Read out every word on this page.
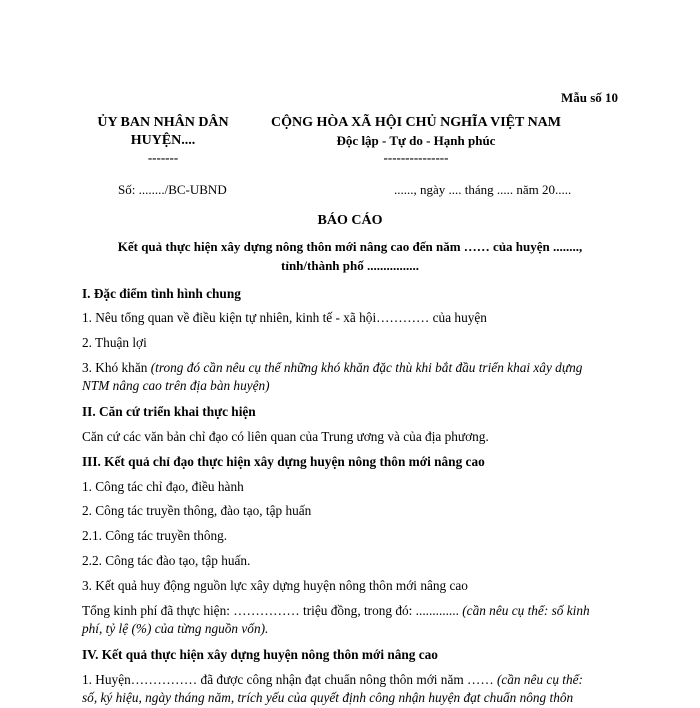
Mẫu số 10
ỦY BAN NHÂN DÂN
HUYỆN....
-------
Số: ......../BC-UBND
CỘNG HÒA XÃ HỘI CHỦ NGHĨA VIỆT NAM
Độc lập - Tự do - Hạnh phúc
---------------
......, ngày .... tháng ..... năm 20.....
BÁO CÁO
Kết quả thực hiện xây dựng nông thôn mới nâng cao đến năm …… của huyện ........,
tỉnh/thành phố ................
I. Đặc điểm tình hình chung
1. Nêu tổng quan về điều kiện tự nhiên, kinh tế - xã hội………… của huyện
2. Thuận lợi
3. Khó khăn (trong đó cần nêu cụ thể những khó khăn đặc thù khi bắt đầu triển khai xây dựng
NTM nâng cao trên địa bàn huyện)
II. Căn cứ triển khai thực hiện
Căn cứ các văn bản chỉ đạo có liên quan của Trung ương và của địa phương.
III. Kết quả chỉ đạo thực hiện xây dựng huyện nông thôn mới nâng cao
1. Công tác chỉ đạo, điều hành
2. Công tác truyền thông, đào tạo, tập huấn
2.1. Công tác truyền thông.
2.2. Công tác đào tạo, tập huấn.
3. Kết quả huy động nguồn lực xây dựng huyện nông thôn mới nâng cao
Tổng kinh phí đã thực hiện: …………… triệu đồng, trong đó: ............. (cần nêu cụ thể: số kinh
phí, tỷ lệ (%) của từng nguồn vốn).
IV. Kết quả thực hiện xây dựng huyện nông thôn mới nâng cao
1. Huyện…………… đã được công nhận đạt chuẩn nông thôn mới năm …… (cần nêu cụ thể:
số, ký hiệu, ngày tháng năm, trích yếu của quyết định công nhận huyện đạt chuẩn nông thôn
